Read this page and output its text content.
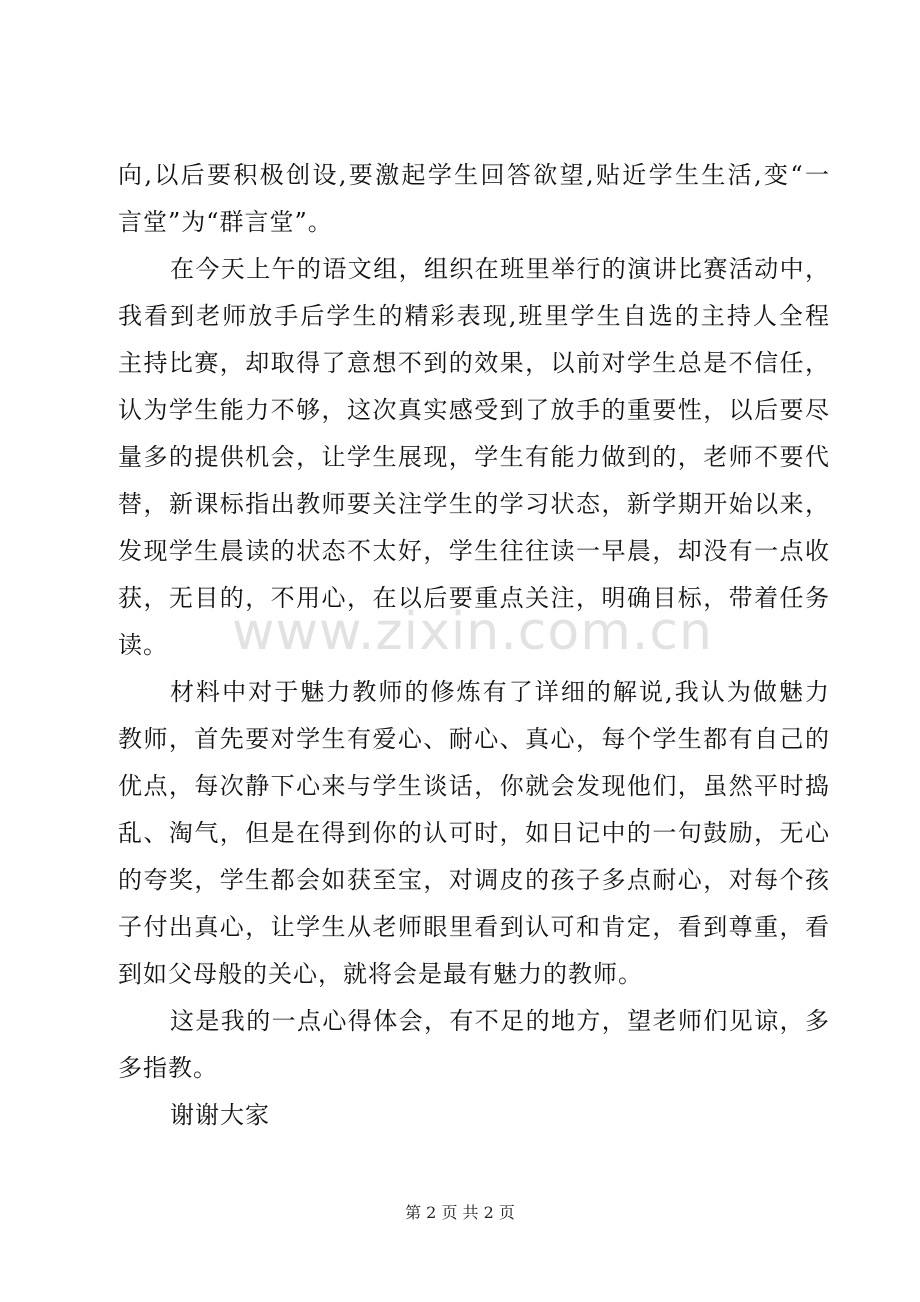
向,以后要积极创设,要激起学生回答欲望,贴近学生生活,变“一
言堂”为“群言堂”。
在今天上午的语文组，组织在班里举行的演讲比赛活动中，
我看到老师放手后学生的精彩表现,班里学生自选的主持人全程
主持比赛，却取得了意想不到的效果，以前对学生总是不信任，
认为学生能力不够，这次真实感受到了放手的重要性，以后要尽
量多的提供机会，让学生展现，学生有能力做到的，老师不要代
替，新课标指出教师要关注学生的学习状态，新学期开始以来，
发现学生晨读的状态不太好，学生往往读一早晨，却没有一点收
获，无目的，不用心，在以后要重点关注，明确目标，带着任务
读。
材料中对于魅力教师的修炼有了详细的解说,我认为做魅力
教师，首先要对学生有爱心、耐心、真心，每个学生都有自己的
优点，每次静下心来与学生谈话，你就会发现他们，虽然平时捣
乱、淘气，但是在得到你的认可时，如日记中的一句鼓励，无心
的夸奖，学生都会如获至宝，对调皮的孩子多点耐心，对每个孩
子付出真心，让学生从老师眼里看到认可和肯定，看到尊重，看
到如父母般的关心，就将会是最有魅力的教师。
这是我的一点心得体会，有不足的地方，望老师们见谅，多
多指教。
谢谢大家
www.zixin.com.cn
第 2 页 共 2 页
